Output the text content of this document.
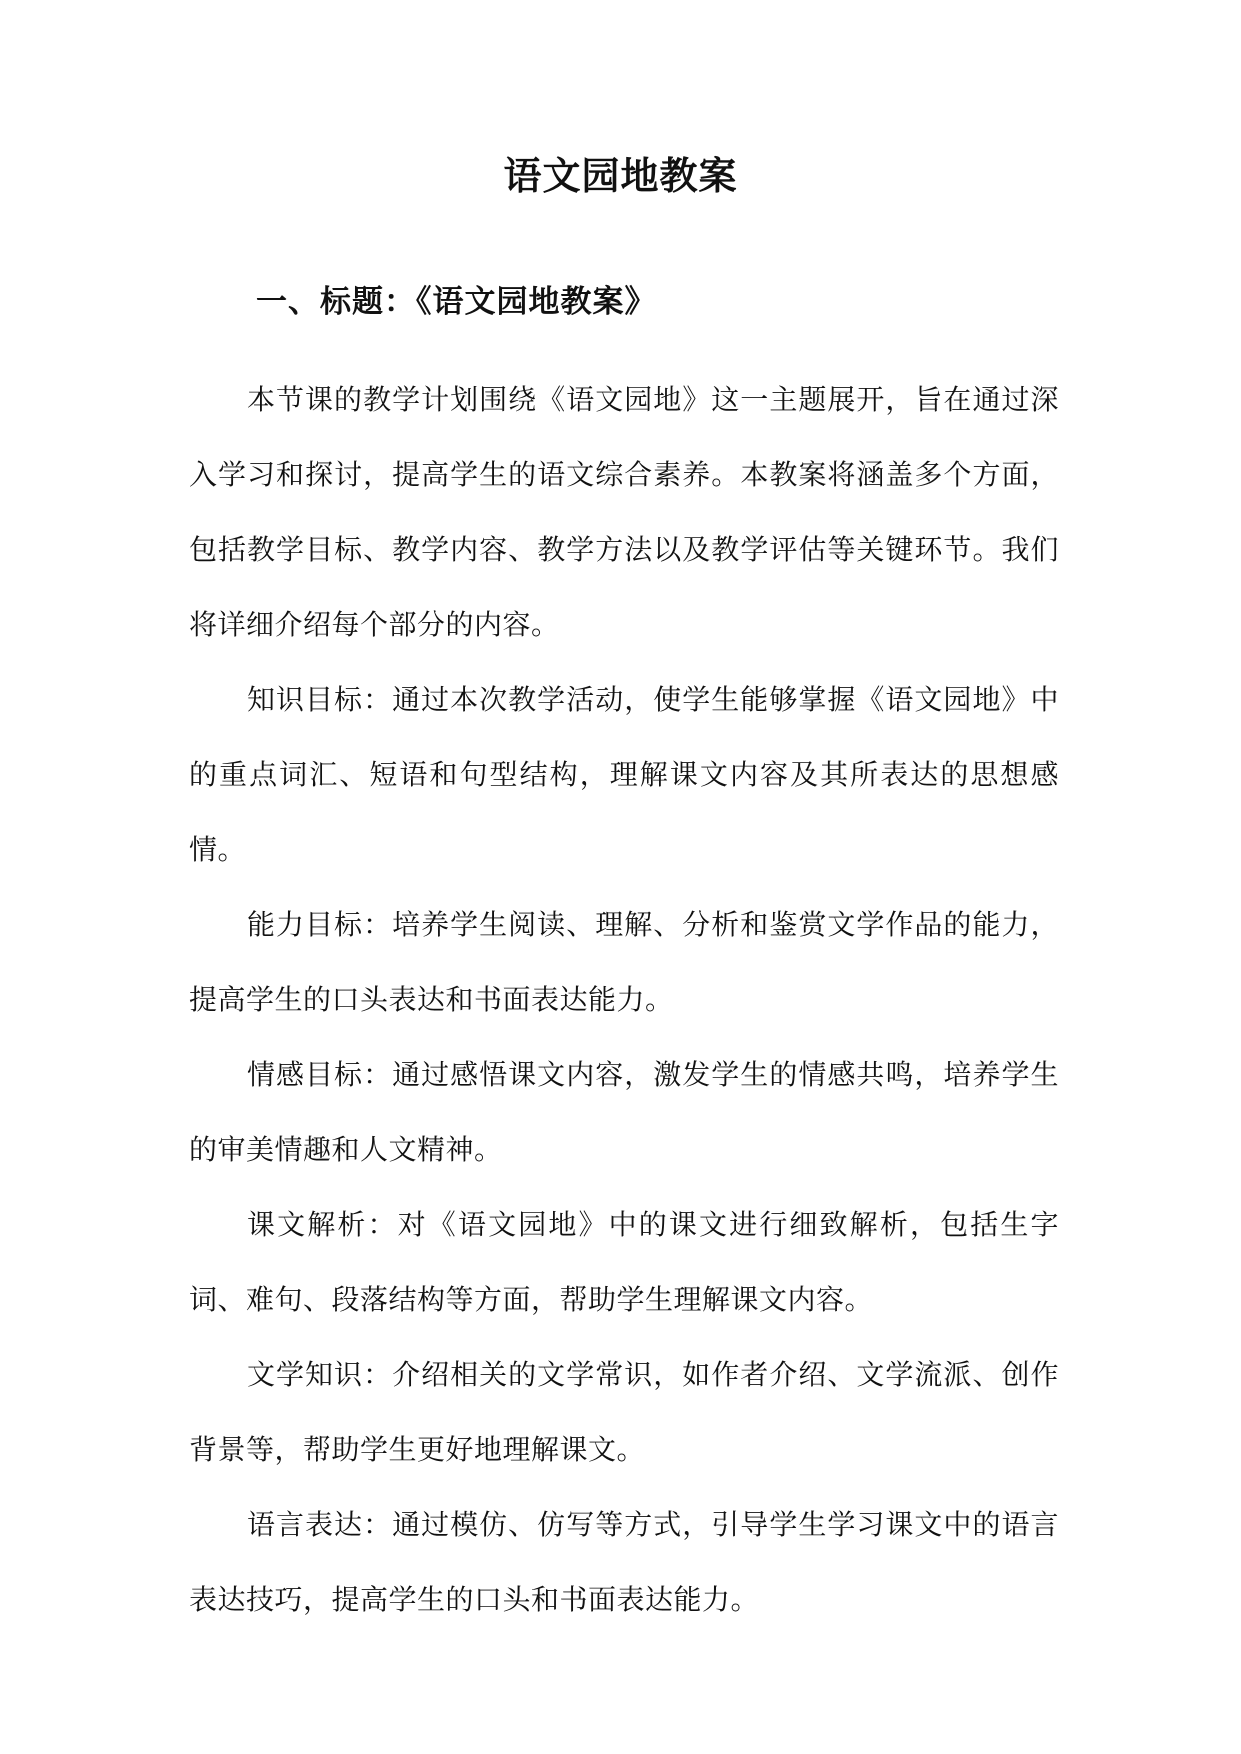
语文园地教案
一、标题：《语文园地教案》

本节课的教学计划围绕《语文园地》这一主题展开，旨在通过深入学习和探讨，提高学生的语文综合素养。本教案将涵盖多个方面，包括教学目标、教学内容、教学方法以及教学评估等关键环节。我们将详细介绍每个部分的内容。

知识目标：通过本次教学活动，使学生能够掌握《语文园地》中的重点词汇、短语和句型结构，理解课文内容及其所表达的思想感情。

能力目标：培养学生阅读、理解、分析和鉴赏文学作品的能力，提高学生的口头表达和书面表达能力。

情感目标：通过感悟课文内容，激发学生的情感共鸣，培养学生的审美情趣和人文精神。

课文解析：对《语文园地》中的课文进行细致解析，包括生字词、难句、段落结构等方面，帮助学生理解课文内容。

文学知识：介绍相关的文学常识，如作者介绍、文学流派、创作背景等，帮助学生更好地理解课文。

语言表达：通过模仿、仿写等方式，引导学生学习课文中的语言表达技巧，提高学生的口头和书面表达能力。
